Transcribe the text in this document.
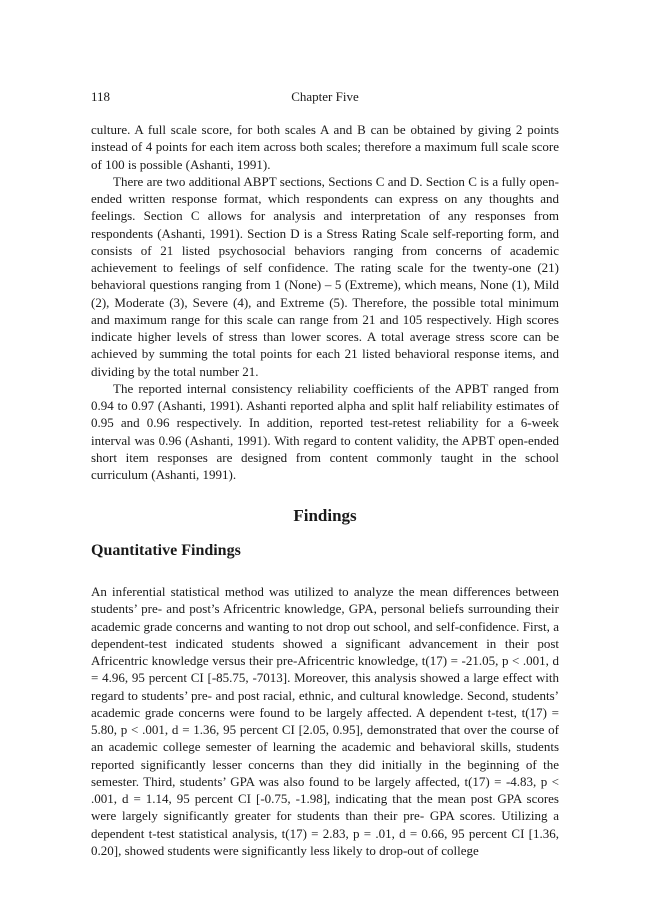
118	Chapter Five

culture. A full scale score, for both scales A and B can be obtained by giving 2 points instead of 4 points for each item across both scales; therefore a maximum full scale score of 100 is possible (Ashanti, 1991).

There are two additional ABPT sections, Sections C and D. Section C is a fully open-ended written response format, which respondents can express on any thoughts and feelings. Section C allows for analysis and interpretation of any responses from respondents (Ashanti, 1991). Section D is a Stress Rating Scale self-reporting form, and consists of 21 listed psychosocial behaviors ranging from concerns of academic achievement to feelings of self confidence. The rating scale for the twenty-one (21) behavioral questions ranging from 1 (None) – 5 (Extreme), which means, None (1), Mild (2), Moderate (3), Severe (4), and Extreme (5). Therefore, the possible total minimum and maximum range for this scale can range from 21 and 105 respectively. High scores indicate higher levels of stress than lower scores. A total average stress score can be achieved by summing the total points for each 21 listed behavioral response items, and dividing by the total number 21.

The reported internal consistency reliability coefficients of the APBT ranged from 0.94 to 0.97 (Ashanti, 1991). Ashanti reported alpha and split half reliability estimates of 0.95 and 0.96 respectively. In addition, reported test-retest reliability for a 6-week interval was 0.96 (Ashanti, 1991). With regard to content validity, the APBT open-ended short item responses are designed from content commonly taught in the school curriculum (Ashanti, 1991).

Findings
Quantitative Findings

An inferential statistical method was utilized to analyze the mean differences between students’ pre- and post’s Africentric knowledge, GPA, personal beliefs surrounding their academic grade concerns and wanting to not drop out school, and self-confidence. First, a dependent-test indicated students showed a significant advancement in their post Africentric knowledge versus their pre-Africentric knowledge, t(17) = -21.05, p < .001, d = 4.96, 95 percent CI [-85.75, -7013]. Moreover, this analysis showed a large effect with regard to students’ pre- and post racial, ethnic, and cultural knowledge. Second, students’ academic grade concerns were found to be largely affected. A dependent t-test, t(17) = 5.80, p < .001, d = 1.36, 95 percent CI [2.05, 0.95], demonstrated that over the course of an academic college semester of learning the academic and behavioral skills, students reported significantly lesser concerns than they did initially in the beginning of the semester. Third, students’ GPA was also found to be largely affected, t(17) = -4.83, p < .001, d = 1.14, 95 percent CI [-0.75, -1.98], indicating that the mean post GPA scores were largely significantly greater for students than their pre- GPA scores. Utilizing a dependent t-test statistical analysis, t(17) = 2.83, p = .01, d = 0.66, 95 percent CI [1.36, 0.20], showed students were significantly less likely to drop-out of college
